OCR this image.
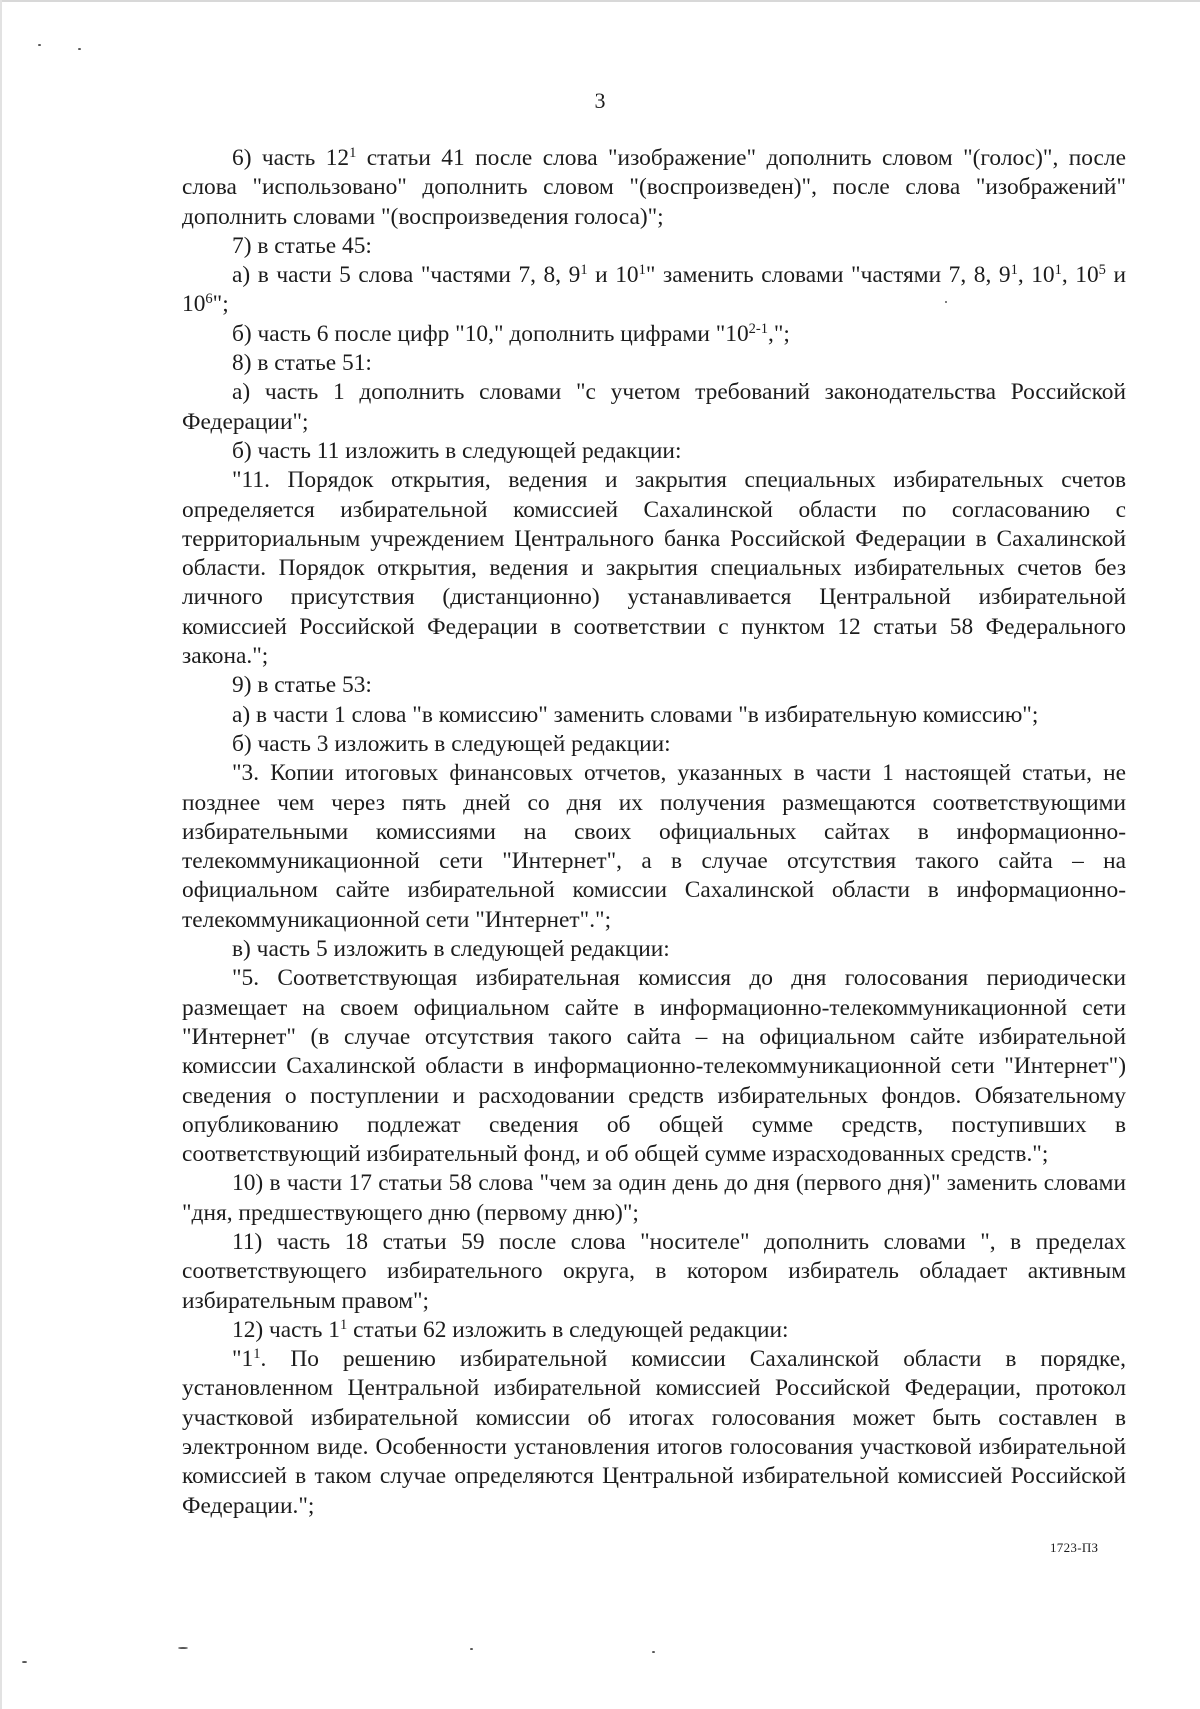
3

6) часть $12^1$ статьи 41 после слова "изображение" дополнить словом "(голос)", после слова "использовано" дополнить словом "(воспроизведен)", после слова "изображений" дополнить словами "(воспроизведения голоса)";

7) в статье 45:

а) в части 5 слова "частями 7, 8, $9^1$ и $10^1$" заменить словами "частями 7, 8, $9^1$, $10^1$, $10^5$ и $10^6$";

б) часть 6 после цифр "10," дополнить цифрами "10$^{2-1}$,";

8) в статье 51:

а) часть 1 дополнить словами "с учетом требований законодательства Российской Федерации";

б) часть 11 изложить в следующей редакции:

"11. Порядок открытия, ведения и закрытия специальных избирательных счетов определяется избирательной комиссией Сахалинской области по согласованию с территориальным учреждением Центрального банка Российской Федерации в Сахалинской области. Порядок открытия, ведения и закрытия специальных избирательных счетов без личного присутствия (дистанционно) устанавливается Центральной избирательной комиссией Российской Федерации в соответствии с пунктом 12 статьи 58 Федерального закона.";

9) в статье 53:

а) в части 1 слова "в комиссию" заменить словами "в избирательную комиссию";

б) часть 3 изложить в следующей редакции:

"3. Копии итоговых финансовых отчетов, указанных в части 1 настоящей статьи, не позднее чем через пять дней со дня их получения размещаются соответствующими избирательными комиссиями на своих официальных сайтах в информационно-телекоммуникационной сети "Интернет", а в случае отсутствия такого сайта – на официальном сайте избирательной комиссии Сахалинской области в информационно-телекоммуникационной сети "Интернет".";

в) часть 5 изложить в следующей редакции:

"5. Соответствующая избирательная комиссия до дня голосования периодически размещает на своем официальном сайте в информационно-телекоммуникационной сети "Интернет" (в случае отсутствия такого сайта – на официальном сайте избирательной комиссии Сахалинской области в информационно-телекоммуникационной сети "Интернет") сведения о поступлении и расходовании средств избирательных фондов. Обязательному опубликованию подлежат сведения об общей сумме средств, поступивших в соответствующий избирательный фонд, и об общей сумме израсходованных средств.";

10) в части 17 статьи 58 слова "чем за один день до дня (первого дня)" заменить словами "дня, предшествующего дню (первому дню)";

11) часть 18 статьи 59 после слова "носителе" дополнить словами ", в пределах соответствующего избирательного округа, в котором избиратель обладает активным избирательным правом";

12) часть $1^1$ статьи 62 изложить в следующей редакции:

"$1^1$. По решению избирательной комиссии Сахалинской области в порядке, установленном Центральной избирательной комиссией Российской Федерации, протокол участковой избирательной комиссии об итогах голосования может быть составлен в электронном виде. Особенности установления итогов голосования участковой избирательной комиссией в таком случае определяются Центральной избирательной комиссией Российской Федерации.";

1723-ПЗ
